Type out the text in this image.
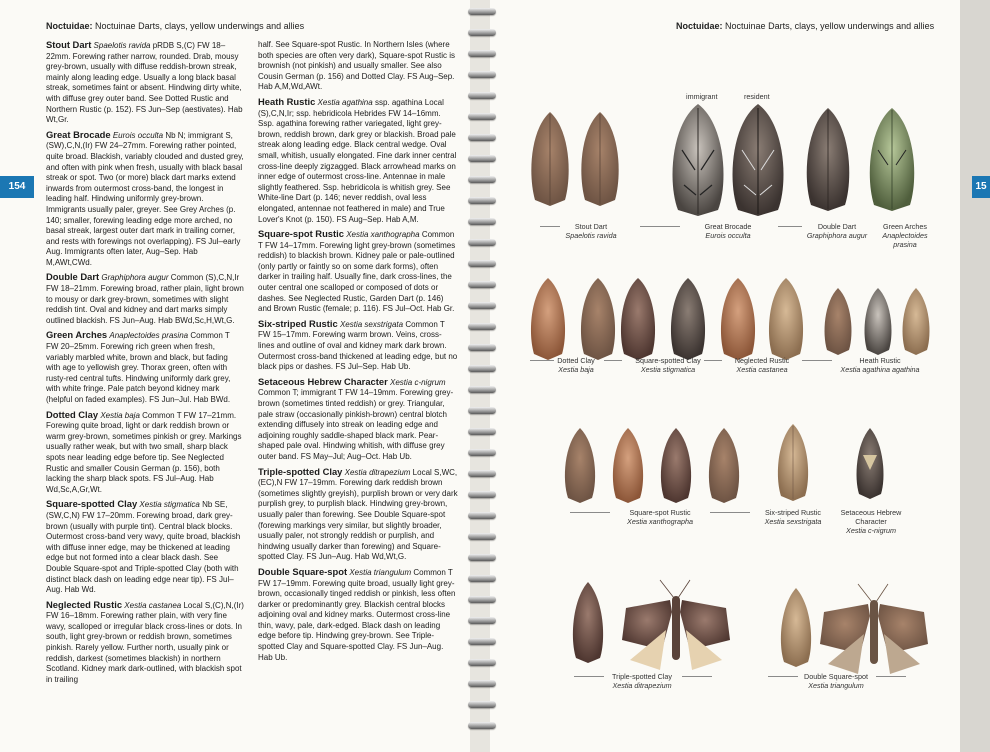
Noctuidae: Noctuinae Darts, clays, yellow underwings and allies
154

Stout Dart Spaelotis ravida pRDB S,(C) FW 18–22mm. Forewing rather narrow, rounded. Drab, mousy grey-brown, usually with diffuse reddish-brown streak, mainly along leading edge. Usually a long black basal streak, sometimes faint or absent. Hindwing dirty white, with diffuse grey outer band. See Dotted Rustic and Northern Rustic (p. 152). FS Jun–Sep (aestivates). Hab Wt,Gr.

Great Brocade Eurois occulta Nb N; immigrant S,(SW),C,N,(Ir) FW 24–27mm. Forewing rather pointed, quite broad. Blackish, variably clouded and dusted grey, and often with pink when fresh, usually with black basal streak or spot. Two (or more) black dart marks extend inwards from outermost cross-band, the longest in leading half. Hindwing uniformly grey-brown. Immigrants usually paler, greyer. See Grey Arches (p. 140; smaller, forewing leading edge more arched, no basal streak, largest outer dart mark in trailing corner, and rests with forewings not overlapping). FS Jul–early Aug. Immigrants often later, Aug–Sep. Hab M,AWt,CWd.

Double Dart Graphiphora augur Common (S),C,N,Ir FW 18–21mm. Forewing broad, rather plain, light brown to mousy or dark grey-brown, sometimes with slight reddish tint. Oval and kidney and dart marks simply outlined blackish. FS Jun–Aug. Hab BWd,Sc,H,Wt,G.

Green Arches Anaplectoides prasina Common T FW 20–25mm. Forewing rich green when fresh, variably marbled white, brown and black, but fading with age to yellowish grey. Thorax green, often with rusty-red central tufts. Hindwing uniformly dark grey, with white fringe. Pale patch beyond kidney mark (helpful on faded examples). FS Jun–Jul. Hab BWd.

Dotted Clay Xestia baja Common T FW 17–21mm. Forewing quite broad, light or dark reddish brown or warm grey-brown, sometimes pinkish or grey. Markings usually rather weak, but with two small, sharp black spots near leading edge before tip. See Neglected Rustic and smaller Cousin German (p. 156), both lacking the sharp black spots. FS Jul–Aug. Hab Wd,Sc,A,Gr,Wt.

Square-spotted Clay Xestia stigmatica Nb SE,(SW,C,N) FW 17–20mm. Forewing broad, dark grey-brown (usually with purple tint). Central black blocks. Outermost cross-band very wavy, quite broad, blackish with diffuse inner edge, may be thickened at leading edge but not formed into a clear black dash. See Double Square-spot and Triple-spotted Clay (both with distinct black dash on leading edge near tip). FS Jul–Aug. Hab Wd.

Neglected Rustic Xestia castanea Local S,(C),N,(Ir) FW 16–18mm. Forewing rather plain, with very fine wavy, scalloped or irregular black cross-lines or dots. In south, light grey-brown or reddish brown, sometimes pinkish. Rarely yellow. Further north, usually pink or reddish, darkest (sometimes blackish) in northern Scotland. Kidney mark dark-outlined, with blackish spot in trailing

half. See Square-spot Rustic. In Northern Isles (where both species are often very dark), Square-spot Rustic is brownish (not pinkish) and usually smaller. See also Cousin German (p. 156) and Dotted Clay. FS Aug–Sep. Hab A,M,Wd,AWt.

Heath Rustic Xestia agathina ssp. agathina Local (S),C,N,Ir; ssp. hebridicola Hebrides FW 14–16mm. Ssp. agathina forewing rather variegated, light grey-brown, reddish brown, dark grey or blackish. Broad pale streak along leading edge. Black central wedge. Oval small, whitish, usually elongated. Fine dark inner central cross-line deeply zigzagged. Black arrowhead marks on inner edge of outermost cross-line. Antennae in male slightly feathered. Ssp. hebridicola is whitish grey. See White-line Dart (p. 146; never reddish, oval less elongated, antennae not feathered in male) and True Lover's Knot (p. 150). FS Aug–Sep. Hab A,M.

Square-spot Rustic Xestia xanthographa Common T FW 14–17mm. Forewing light grey-brown (sometimes reddish) to blackish brown. Kidney pale or pale-outlined (only partly or faintly so on some dark forms), often darker in trailing half. Usually fine, dark cross-lines, the outer central one scalloped or composed of dots or dashes. See Neglected Rustic, Garden Dart (p. 146) and Brown Rustic (female; p. 116). FS Jul–Oct. Hab Gr.

Six-striped Rustic Xestia sexstrigata Common T FW 15–17mm. Forewing warm brown. Veins, cross-lines and outline of oval and kidney mark dark brown. Outermost cross-band thickened at leading edge, but no black pips or dashes. FS Jul–Sep. Hab Ub.

Setaceous Hebrew Character Xestia c-nigrum Common T; immigrant T FW 14–19mm. Forewing grey-brown (sometimes tinted reddish) or grey. Triangular, pale straw (occasionally pinkish-brown) central blotch extending diffusely into streak on leading edge and adjoining roughly saddle-shaped black mark. Pear-shaped pale oval. Hindwing whitish, with diffuse grey outer band. FS May–Jul; Aug–Oct. Hab Ub.

Triple-spotted Clay Xestia ditrapezium Local S,WC,(EC),N FW 17–19mm. Forewing dark reddish brown (sometimes slightly greyish), purplish brown or very dark purplish grey, to purplish black. Hindwing grey-brown, usually paler than forewing. See Double Square-spot (forewing markings very similar, but slightly broader, usually paler, not strongly reddish or purplish, and hindwing usually darker than forewing) and Square-spotted Clay. FS Jun–Aug. Hab Wd,Wt,G.

Double Square-spot Xestia triangulum Common T FW 17–19mm. Forewing quite broad, usually light grey-brown, occasionally tinged reddish or pinkish, less often darker or predominantly grey. Blackish central blocks adjoining oval and kidney marks. Outermost cross-line thin, wavy, pale, dark-edged. Black dash on leading edge before tip. Hindwing grey-brown. See Triple-spotted Clay and Square-spotted Clay. FS Jun–Aug. Hab Ub.

Noctuidae: Noctuinae Darts, clays, yellow underwings and allies
15
immigrant	resident
Stout Dart
Spaelotis ravida
Great Brocade
Eurois occulta
Double Dart
Graphiphora augur
Green Arches
Anaplectoides prasina
Dotted Clay
Xestia baja
Square-spotted Clay
Xestia stigmatica
Neglected Rustic
Xestia castanea
Heath Rustic
Xestia agathina agathina
Square-spot Rustic
Xestia xanthographa
Six-striped Rustic
Xestia sexstrigata
Setaceous Hebrew Character
Xestia c-nigrum
Triple-spotted Clay
Xestia ditrapezium
Double Square-spot
Xestia triangulum
